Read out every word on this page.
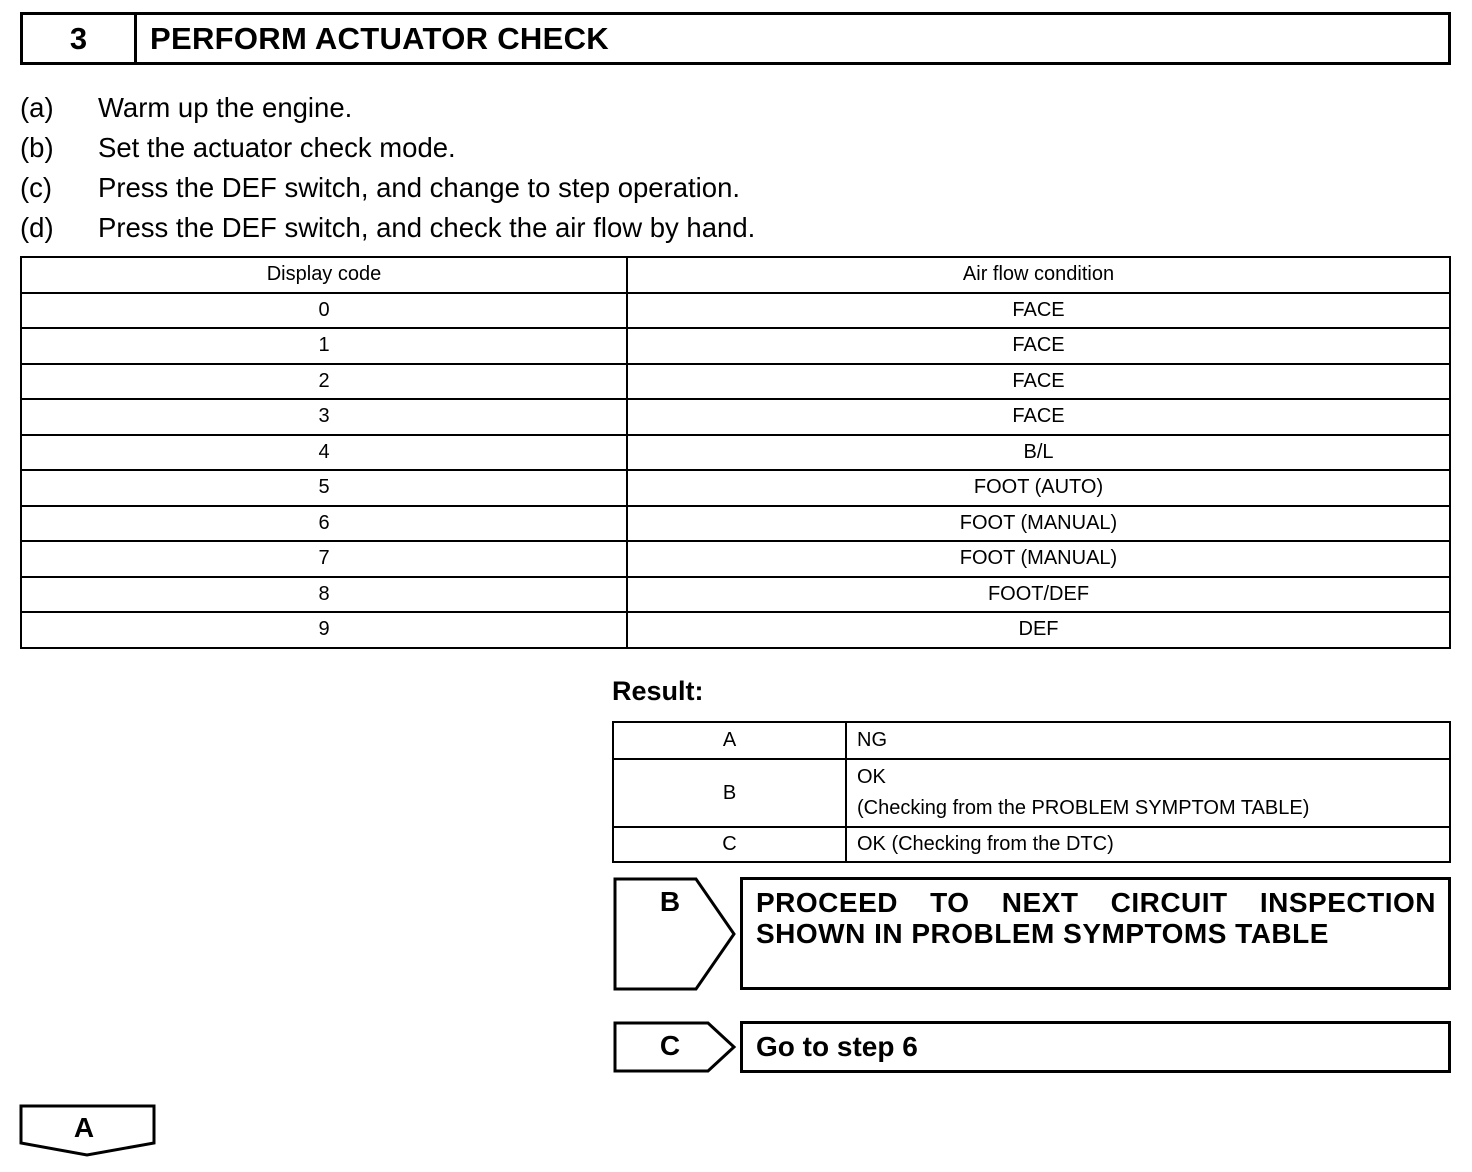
3	PERFORM ACTUATOR CHECK
(a)	Warm up the engine.
(b)	Set the actuator check mode.
(c)	Press the DEF switch, and change to step operation.
(d)	Press the DEF switch, and check the air flow by hand.
Display code	Air flow condition
0	FACE
1	FACE
2	FACE
3	FACE
4	B/L
5	FOOT (AUTO)
6	FOOT (MANUAL)
7	FOOT (MANUAL)
8	FOOT/DEF
9	DEF
Result:
A	NG

B	OK
(Checking from the PROBLEM SYMPTOM TABLE)

C	OK (Checking from the DTC)
B	PROCEED TO NEXT CIRCUIT INSPECTION SHOWN IN PROBLEM SYMPTOMS TABLE
C	Go to step 6
A
